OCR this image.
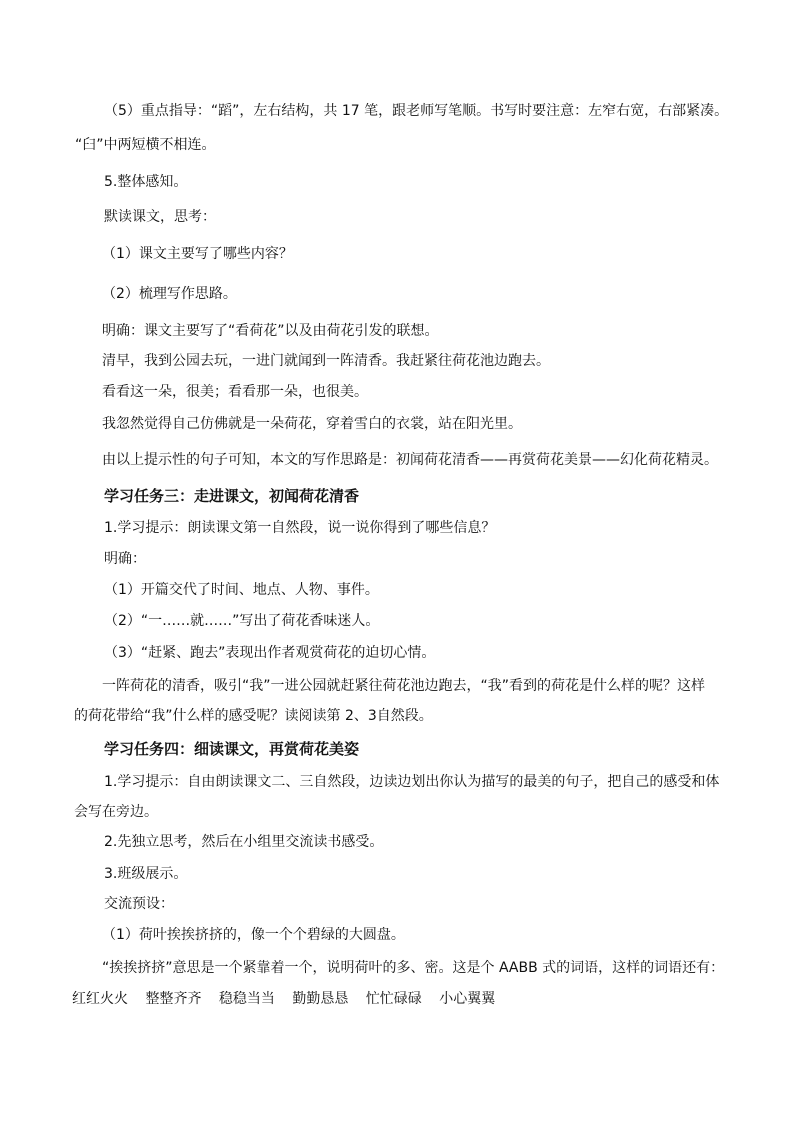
（5）重点指导：“蹈”，左右结构，共 17 笔，跟老师写笔顺。书写时要注意：左窄右宽，右部紧凑。
“臼”中两短横不相连。
5.整体感知。
默读课文，思考：
（1）课文主要写了哪些内容？
（2）梳理写作思路。
明确：课文主要写了“看荷花”以及由荷花引发的联想。
清早，我到公园去玩，一进门就闻到一阵清香。我赶紧往荷花池边跑去。
看看这一朵，很美；看看那一朵，也很美。
我忽然觉得自己仿佛就是一朵荷花，穿着雪白的衣裳，站在阳光里。
由以上提示性的句子可知，本文的写作思路是：初闻荷花清香——再赏荷花美景——幻化荷花精灵。
学习任务三：走进课文，初闻荷花清香
1.学习提示：朗读课文第一自然段，说一说你得到了哪些信息？
明确：
（1）开篇交代了时间、地点、人物、事件。
（2）“一……就……”写出了荷花香味迷人。
（3）“赶紧、跑去”表现出作者观赏荷花的迫切心情。
一阵荷花的清香，吸引“我”一进公园就赶紧往荷花池边跑去，“我”看到的荷花是什么样的呢？这样
的荷花带给“我”什么样的感受呢？读阅读第 2、3自然段。
学习任务四：细读课文，再赏荷花美姿
1.学习提示：自由朗读课文二、三自然段，边读边划出你认为描写的最美的句子，把自己的感受和体
会写在旁边。
2.先独立思考，然后在小组里交流读书感受。
3.班级展示。
交流预设：
（1）荷叶挨挨挤挤的，像一个个碧绿的大圆盘。
“挨挨挤挤”意思是一个紧靠着一个，说明荷叶的多、密。这是个 AABB 式的词语，这样的词语还有：
红红火火 整整齐齐 稳稳当当 勤勤恳恳 忙忙碌碌 小心翼翼
